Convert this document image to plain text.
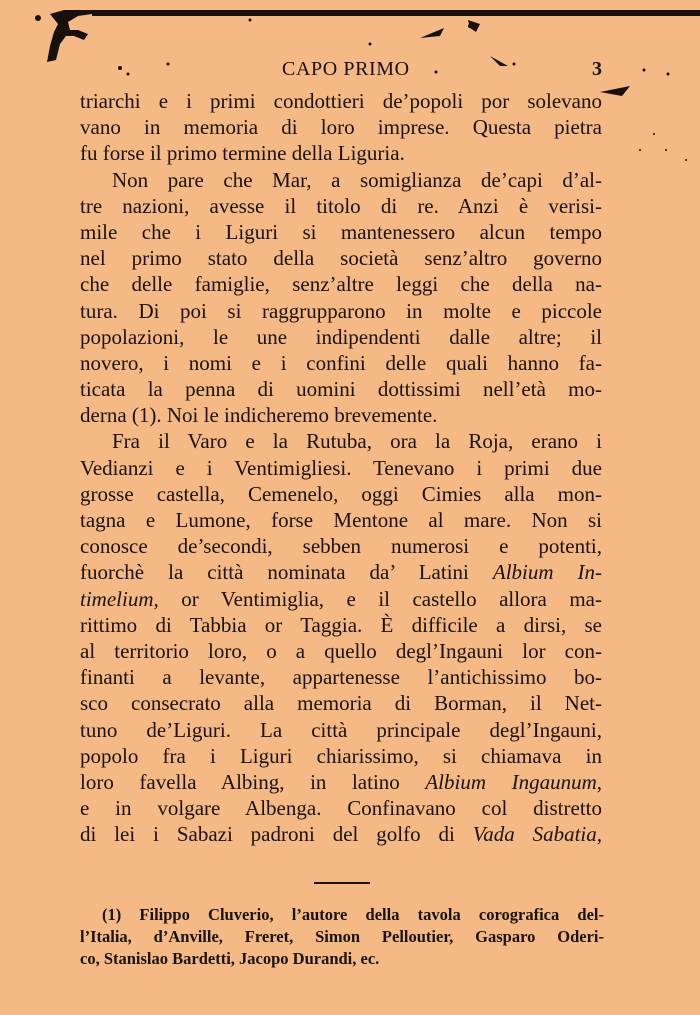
CAPO PRIMO	3
triarchi e i primi condottieri de’popoli por solevano
vano in memoria di loro imprese. Questa pietra
fu forse il primo termine della Liguria.
Non pare che Mar, a somiglianza de’capi d’al-
tre nazioni, avesse il titolo di re. Anzi è verisi-
mile che i Liguri si mantenessero alcun tempo
nel primo stato della società senz’altro governo
che delle famiglie, senz’altre leggi che della na-
tura. Di poi si raggrupparono in molte e piccole
popolazioni, le une indipendenti dalle altre; il
novero, i nomi e i confini delle quali hanno fa-
ticata la penna di uomini dottissimi nell’età mo-
derna (1). Noi le indicheremo brevemente.
Fra il Varo e la Rutuba, ora la Roja, erano i
Vedianzi e i Ventimigliesi. Tenevano i primi due
grosse castella, Cemenelo, oggi Cimies alla mon-
tagna e Lumone, forse Mentone al mare. Non si
conosce de’secondi, sebben numerosi e potenti,
fuorchè la città nominata da’ Latini Albium In-
timelium, or Ventimiglia, e il castello allora ma-
rittimo di Tabbia or Taggia. È difficile a dirsi, se
al territorio loro, o a quello degl’Ingauni lor con-
finanti a levante, appartenesse l’antichissimo bo-
sco consecrato alla memoria di Borman, il Net-
tuno de’Liguri. La città principale degl’Ingauni,
popolo fra i Liguri chiarissimo, si chiamava in
loro favella Albing, in latino Albium Ingaunum,
e in volgare Albenga. Confinavano col distretto
di lei i Sabazi padroni del golfo di Vada Sabatia,
(1) Filippo Cluverio, l’autore della tavola corografica del-
l’Italia, d’Anville, Freret, Simon Pelloutier, Gasparo Oderi-
co, Stanislao Bardetti, Jacopo Durandi, ec.
